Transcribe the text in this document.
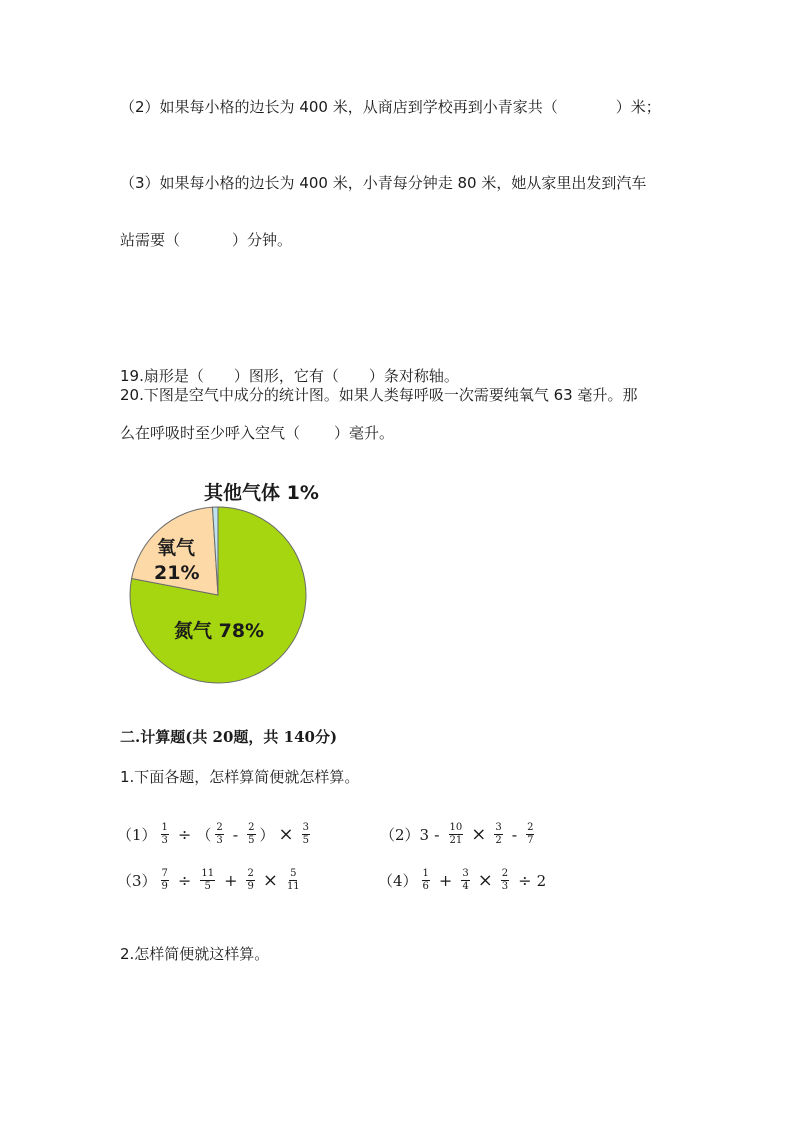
（2）如果每小格的边长为 400 米，从商店到学校再到小青家共（	）米；
（3）如果每小格的边长为 400 米，小青每分钟走 80 米，她从家里出发到汽车
站需要（	）分钟。
19.扇形是（ ）图形，它有（ ）条对称轴。
20.下图是空气中成分的统计图。如果人类每呼吸一次需要纯氧气 63 毫升。那
么在呼吸时至少呼入空气（ ）毫升。
其他气体 1%
氧气
21%
氮气 78%
二.计算题(共 20题，共 140分)
1.下面各题，怎样算简便就怎样算。
$(1) \frac{1}{3}$ ÷ （ $\frac{2}{3} - \frac{2}{5}$ ） × $\frac{3}{5}$	（2） $3 - \frac{10}{21} \times \frac{3}{2} - \frac{2}{7}$
$(3) \frac{7}{9} \div \frac{11}{5} + \frac{2}{9} \times \frac{5}{11}$	$(4) \frac{1}{6} + \frac{3}{4} \times \frac{2}{3} \div 2$
2.怎样简便就这样算。
